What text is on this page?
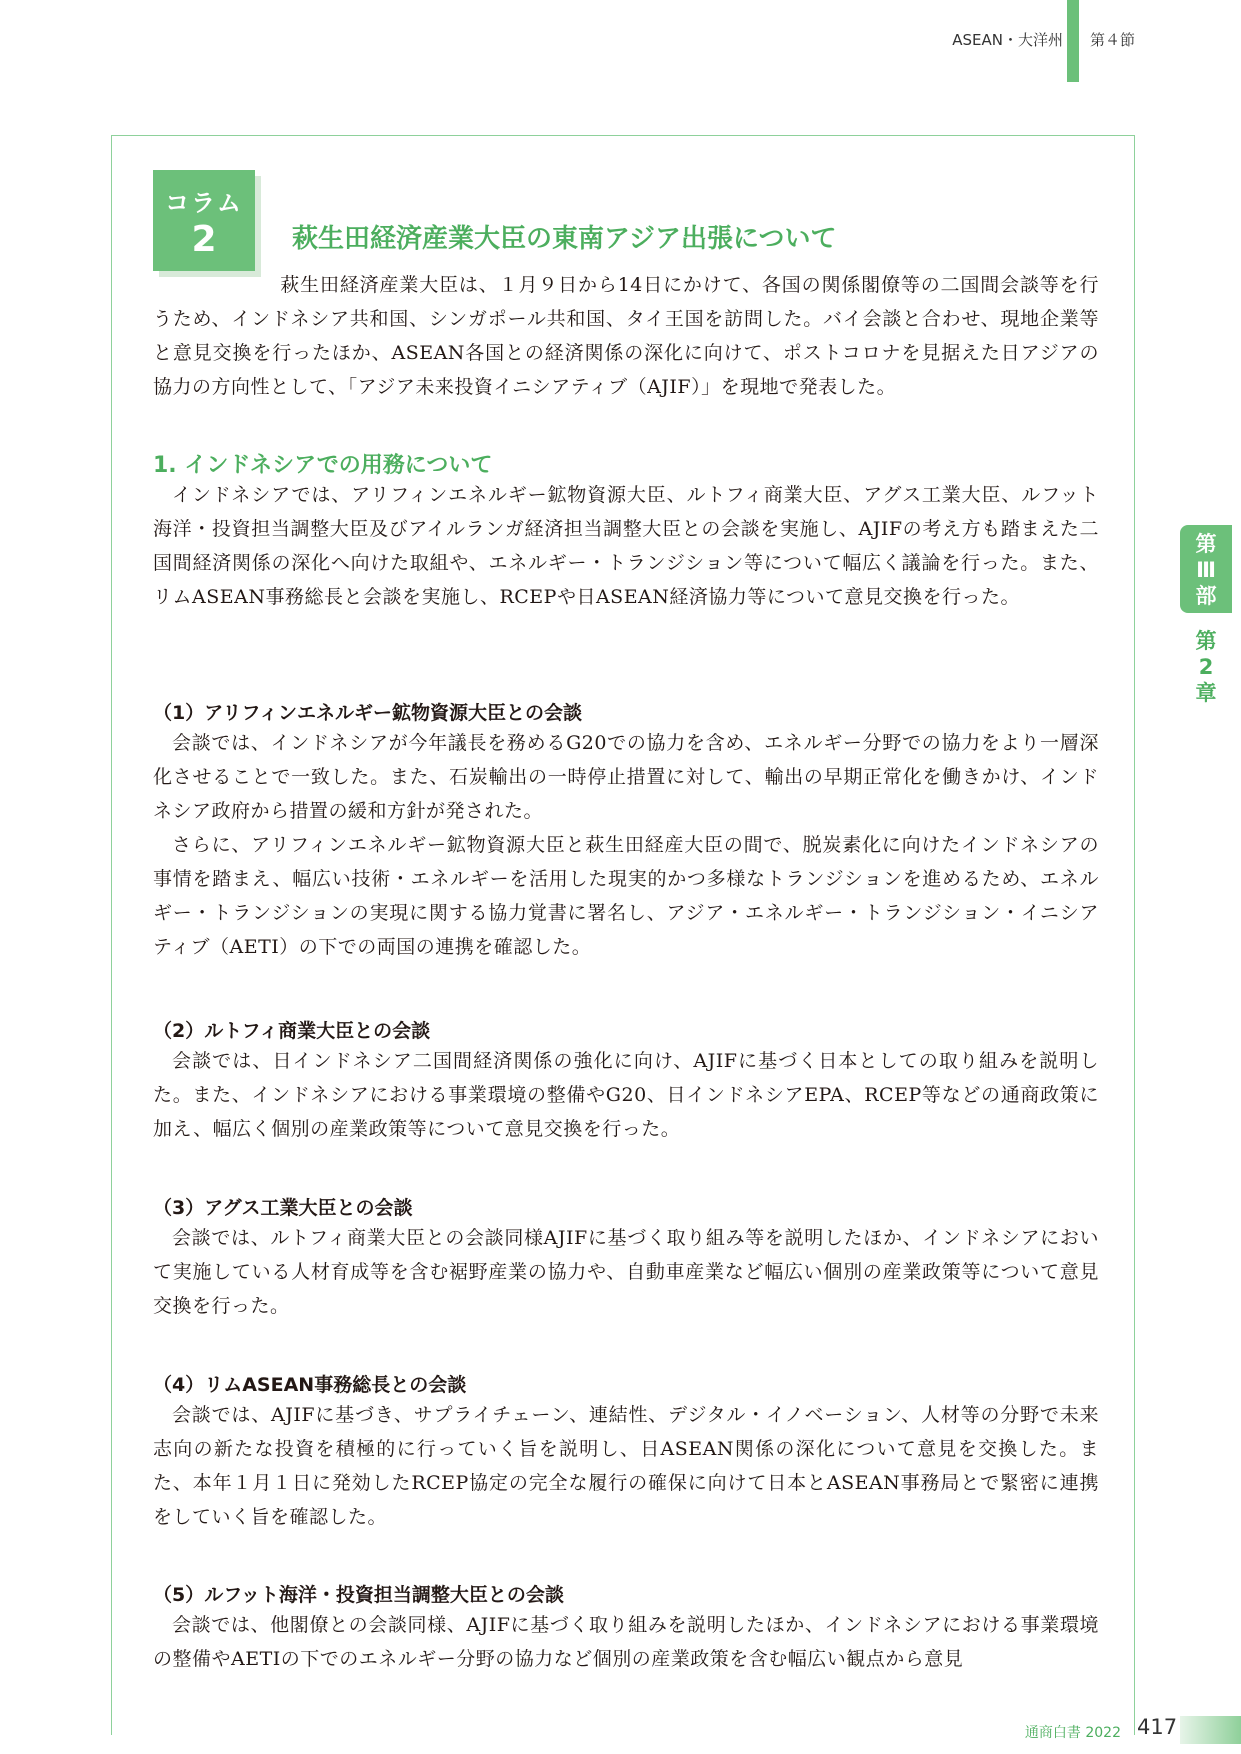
ASEAN・大洋州 第４節
コラム
2	萩生田経済産業大臣の東南アジア出張について

萩生田経済産業大臣は、１月９日から14日にかけて、各国の関係閣僚等の二国間会談等を行うため、インドネシア共和国、シンガポール共和国、タイ王国を訪問した。バイ会談と合わせ、現地企業等と意見交換を行ったほか、ASEAN各国との経済関係の深化に向けて、ポストコロナを見据えた日アジアの協力の方向性として、「アジア未来投資イニシアティブ（AJIF）」を現地で発表した。

1. インドネシアでの用務について

インドネシアでは、アリフィンエネルギー鉱物資源大臣、ルトフィ商業大臣、アグス工業大臣、ルフット海洋・投資担当調整大臣及びアイルランガ経済担当調整大臣との会談を実施し、AJIFの考え方も踏まえた二国間経済関係の深化へ向けた取組や、エネルギー・トランジション等について幅広く議論を行った。また、リムASEAN事務総長と会談を実施し、RCEPや日ASEAN経済協力等について意見交換を行った。

（1）アリフィンエネルギー鉱物資源大臣との会談

会談では、インドネシアが今年議長を務めるG20での協力を含め、エネルギー分野での協力をより一層深化させることで一致した。また、石炭輸出の一時停止措置に対して、輸出の早期正常化を働きかけ、インドネシア政府から措置の緩和方針が発された。

さらに、アリフィンエネルギー鉱物資源大臣と萩生田経産大臣の間で、脱炭素化に向けたインドネシアの事情を踏まえ、幅広い技術・エネルギーを活用した現実的かつ多様なトランジションを進めるため、エネルギー・トランジションの実現に関する協力覚書に署名し、アジア・エネルギー・トランジション・イニシアティブ（AETI）の下での両国の連携を確認した。

（2）ルトフィ商業大臣との会談

会談では、日インドネシア二国間経済関係の強化に向け、AJIFに基づく日本としての取り組みを説明した。また、インドネシアにおける事業環境の整備やG20、日インドネシアEPA、RCEP等などの通商政策に加え、幅広く個別の産業政策等について意見交換を行った。

（3）アグス工業大臣との会談

会談では、ルトフィ商業大臣との会談同様AJIFに基づく取り組み等を説明したほか、インドネシアにおいて実施している人材育成等を含む裾野産業の協力や、自動車産業など幅広い個別の産業政策等について意見交換を行った。

（4）リムASEAN事務総長との会談

会談では、AJIFに基づき、サプライチェーン、連結性、デジタル・イノベーション、人材等の分野で未来志向の新たな投資を積極的に行っていく旨を説明し、日ASEAN関係の深化について意見を交換した。また、本年１月１日に発効したRCEP協定の完全な履行の確保に向けて日本とASEAN事務局とで緊密に連携をしていく旨を確認した。

（5）ルフット海洋・投資担当調整大臣との会談

会談では、他閣僚との会談同様、AJIFに基づく取り組みを説明したほか、インドネシアにおける事業環境の整備やAETIの下でのエネルギー分野の協力など個別の産業政策を含む幅広い観点から意見

第
Ⅲ
部
第
2
章
通商白書 2022 417
